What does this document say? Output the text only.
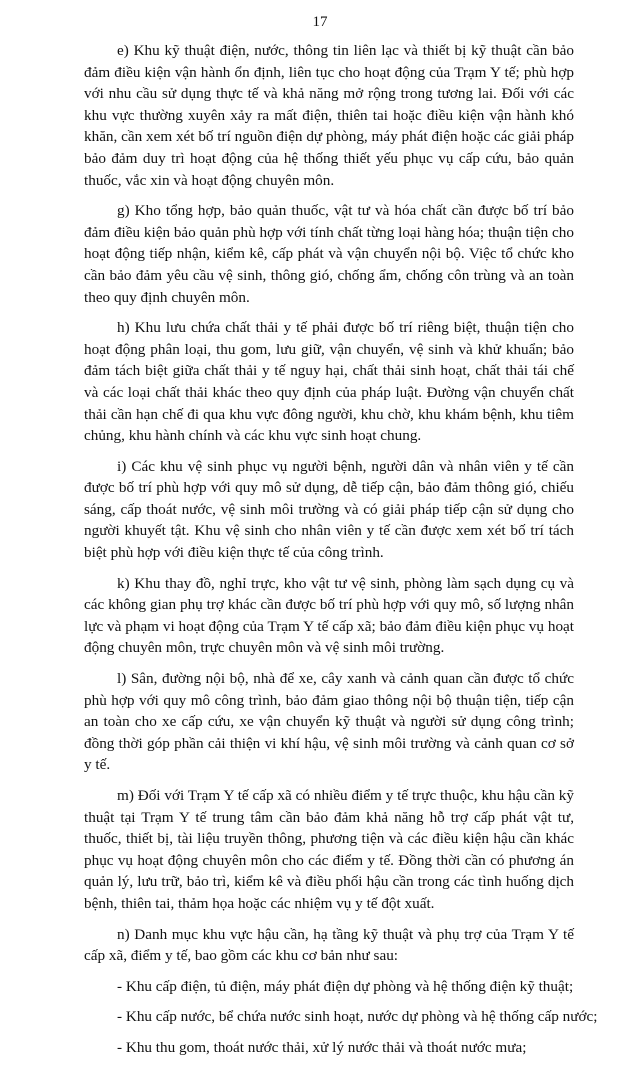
17

e) Khu kỹ thuật điện, nước, thông tin liên lạc và thiết bị kỹ thuật cần bảo đảm điều kiện vận hành ổn định, liên tục cho hoạt động của Trạm Y tế; phù hợp với nhu cầu sử dụng thực tế và khả năng mở rộng trong tương lai. Đối với các khu vực thường xuyên xảy ra mất điện, thiên tai hoặc điều kiện vận hành khó khăn, cần xem xét bố trí nguồn điện dự phòng, máy phát điện hoặc các giải pháp bảo đảm duy trì hoạt động của hệ thống thiết yếu phục vụ cấp cứu, bảo quản thuốc, vắc xin và hoạt động chuyên môn.

g) Kho tổng hợp, bảo quản thuốc, vật tư và hóa chất cần được bố trí bảo đảm điều kiện bảo quản phù hợp với tính chất từng loại hàng hóa; thuận tiện cho hoạt động tiếp nhận, kiểm kê, cấp phát và vận chuyển nội bộ. Việc tổ chức kho cần bảo đảm yêu cầu vệ sinh, thông gió, chống ẩm, chống côn trùng và an toàn theo quy định chuyên môn.

h) Khu lưu chứa chất thải y tế phải được bố trí riêng biệt, thuận tiện cho hoạt động phân loại, thu gom, lưu giữ, vận chuyển, vệ sinh và khử khuẩn; bảo đảm tách biệt giữa chất thải y tế nguy hại, chất thải sinh hoạt, chất thải tái chế và các loại chất thải khác theo quy định của pháp luật. Đường vận chuyển chất thải cần hạn chế đi qua khu vực đông người, khu chờ, khu khám bệnh, khu tiêm chủng, khu hành chính và các khu vực sinh hoạt chung.

i) Các khu vệ sinh phục vụ người bệnh, người dân và nhân viên y tế cần được bố trí phù hợp với quy mô sử dụng, dễ tiếp cận, bảo đảm thông gió, chiếu sáng, cấp thoát nước, vệ sinh môi trường và có giải pháp tiếp cận sử dụng cho người khuyết tật. Khu vệ sinh cho nhân viên y tế cần được xem xét bố trí tách biệt phù hợp với điều kiện thực tế của công trình.

k) Khu thay đồ, nghỉ trực, kho vật tư vệ sinh, phòng làm sạch dụng cụ và các không gian phụ trợ khác cần được bố trí phù hợp với quy mô, số lượng nhân lực và phạm vi hoạt động của Trạm Y tế cấp xã; bảo đảm điều kiện phục vụ hoạt động chuyên môn, trực chuyên môn và vệ sinh môi trường.

l) Sân, đường nội bộ, nhà để xe, cây xanh và cảnh quan cần được tổ chức phù hợp với quy mô công trình, bảo đảm giao thông nội bộ thuận tiện, tiếp cận an toàn cho xe cấp cứu, xe vận chuyển kỹ thuật và người sử dụng công trình; đồng thời góp phần cải thiện vi khí hậu, vệ sinh môi trường và cảnh quan cơ sở y tế.

m) Đối với Trạm Y tế cấp xã có nhiều điểm y tế trực thuộc, khu hậu cần kỹ thuật tại Trạm Y tế trung tâm cần bảo đảm khả năng hỗ trợ cấp phát vật tư, thuốc, thiết bị, tài liệu truyền thông, phương tiện và các điều kiện hậu cần khác phục vụ hoạt động chuyên môn cho các điểm y tế. Đồng thời cần có phương án quản lý, lưu trữ, bảo trì, kiểm kê và điều phối hậu cần trong các tình huống dịch bệnh, thiên tai, thảm họa hoặc các nhiệm vụ y tế đột xuất.

n) Danh mục khu vực hậu cần, hạ tầng kỹ thuật và phụ trợ của Trạm Y tế cấp xã, điểm y tế, bao gồm các khu cơ bản như sau:

- Khu cấp điện, tủ điện, máy phát điện dự phòng và hệ thống điện kỹ thuật;

- Khu cấp nước, bể chứa nước sinh hoạt, nước dự phòng và hệ thống cấp nước;

- Khu thu gom, thoát nước thải, xử lý nước thải và thoát nước mưa;
